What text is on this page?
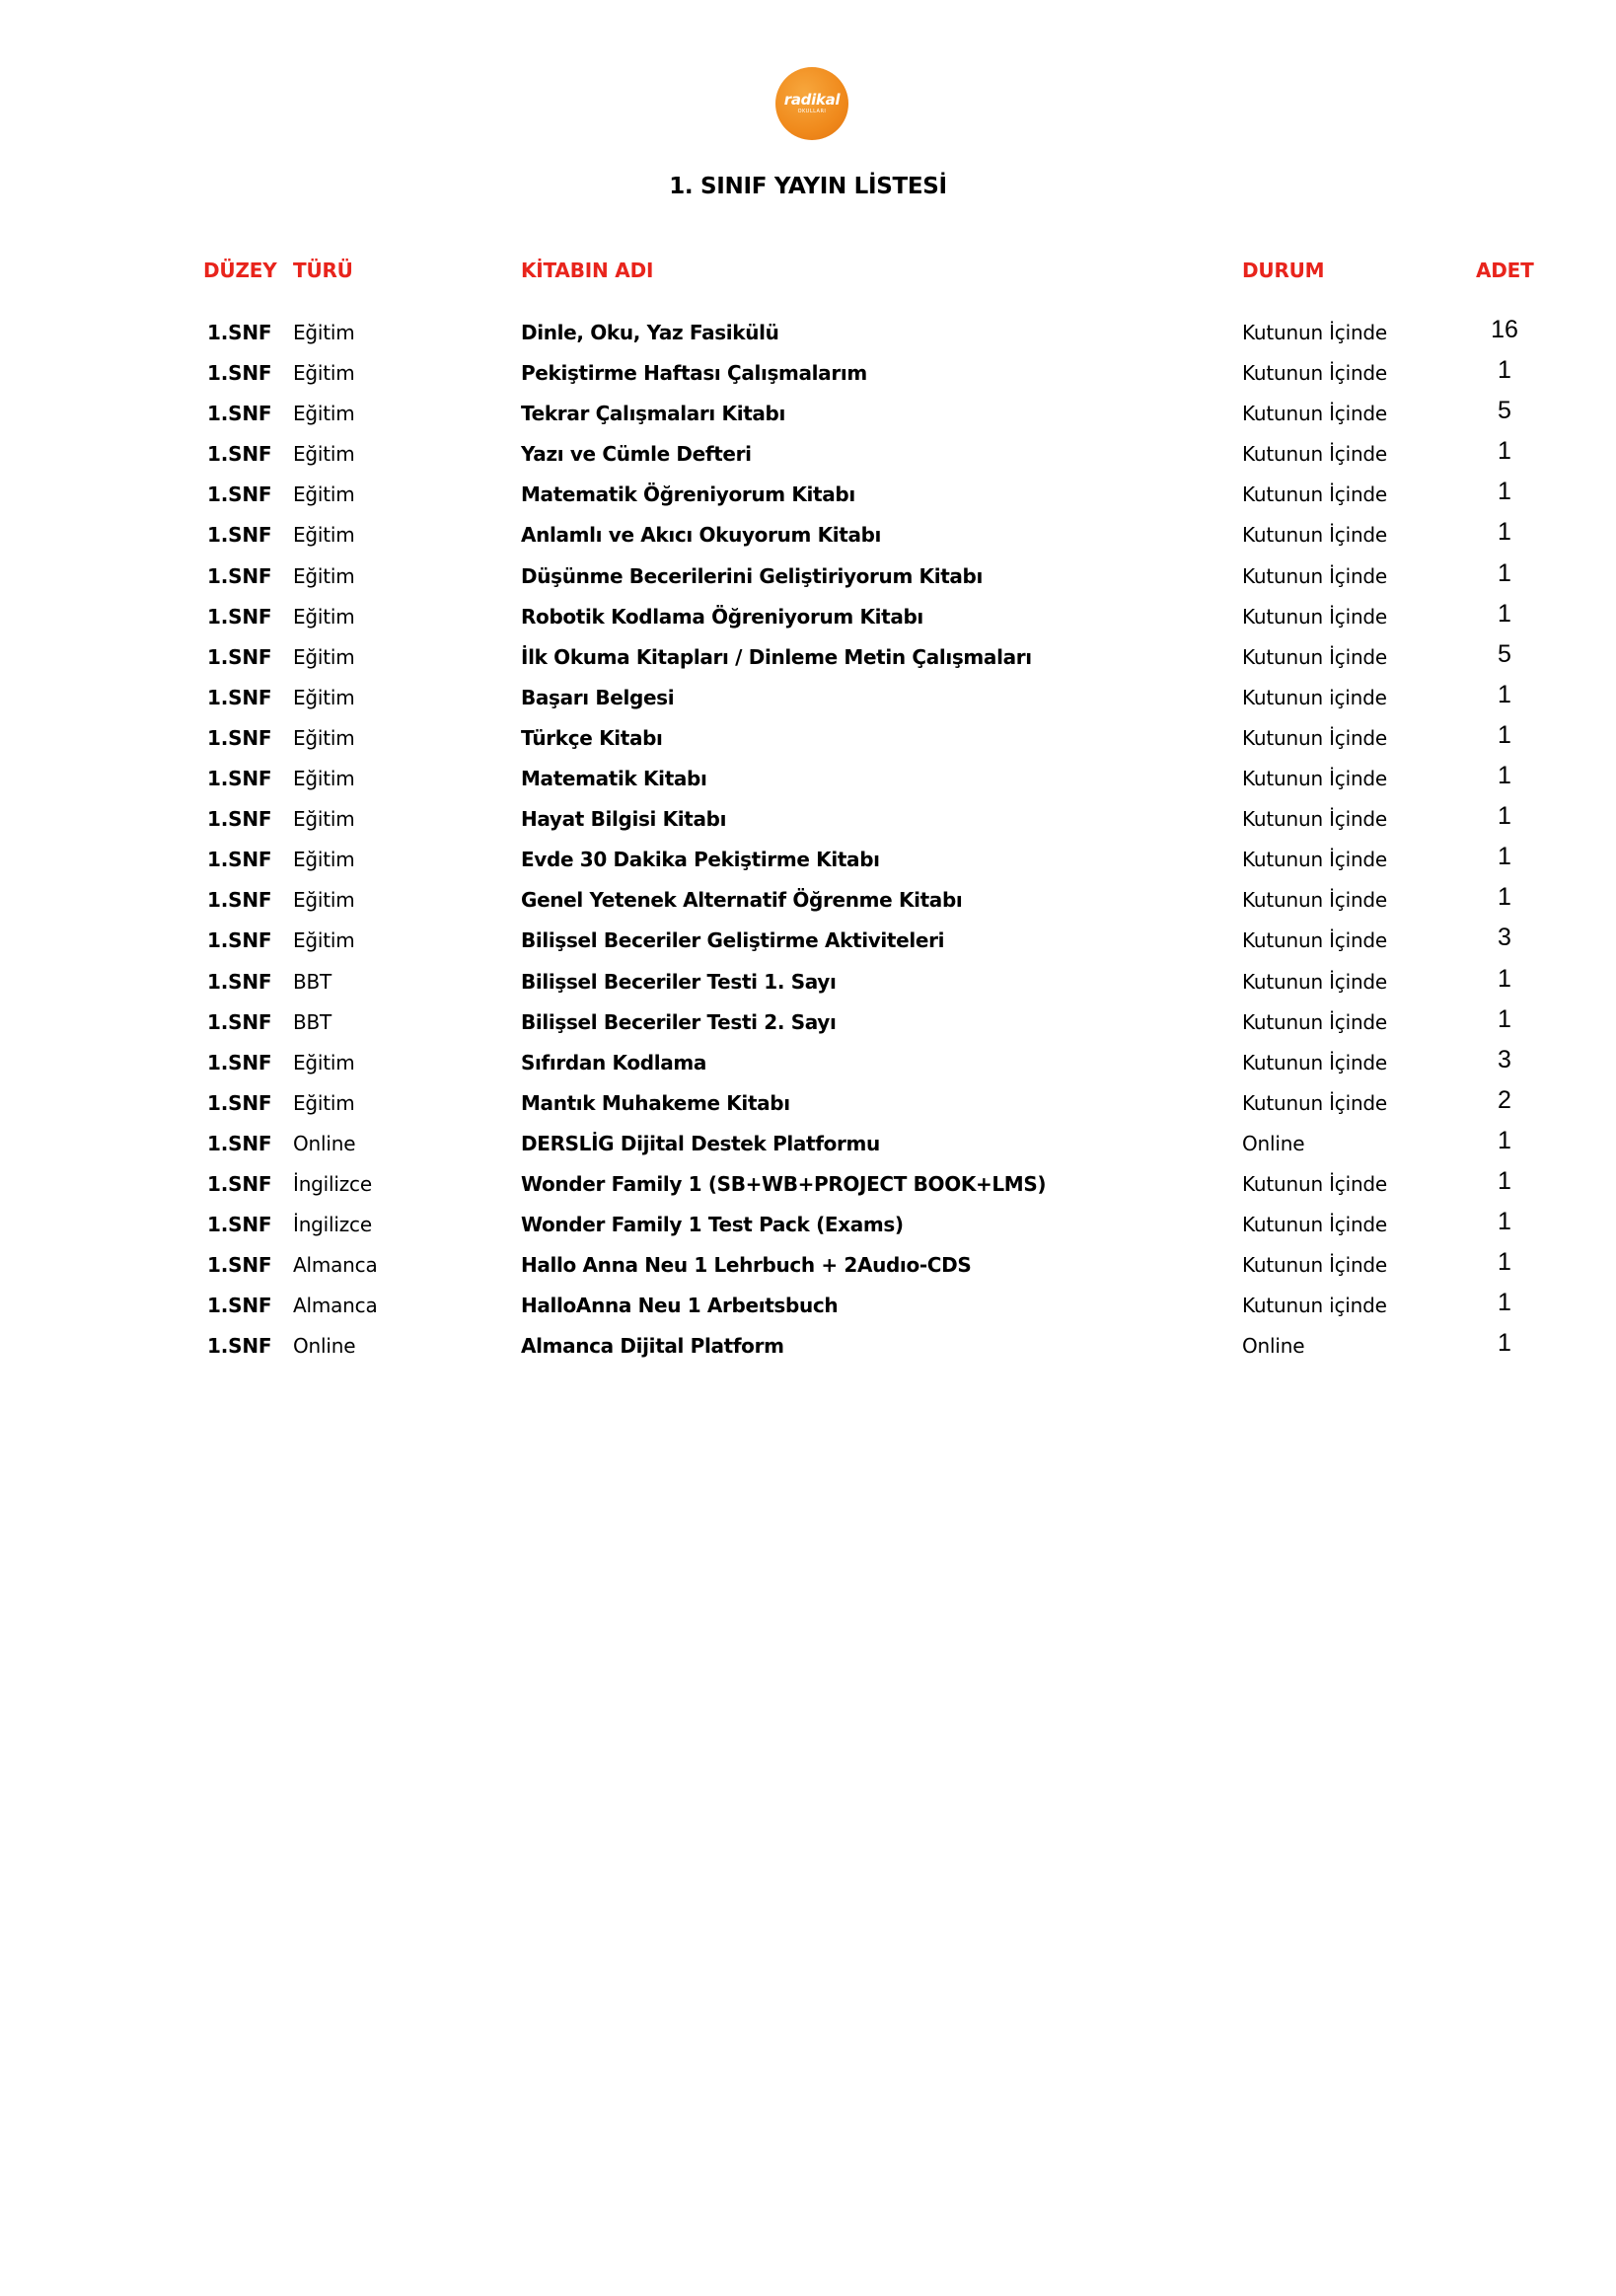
radikal
OKULLARI
1. SINIF YAYIN LİSTESİ
DÜZEY TÜRÜ	KİTABIN ADI	DURUM	ADET
1.SNF Eğitim	Dinle, Oku, Yaz Fasikülü	Kutunun İçinde	16
1.SNF Eğitim	Pekiştirme Haftası Çalışmalarım	Kutunun İçinde	1
1.SNF Eğitim	Tekrar Çalışmaları Kitabı	Kutunun İçinde	5
1.SNF Eğitim	Yazı ve Cümle Defteri	Kutunun İçinde	1
1.SNF Eğitim	Matematik Öğreniyorum Kitabı	Kutunun İçinde	1
1.SNF Eğitim	Anlamlı ve Akıcı Okuyorum Kitabı	Kutunun İçinde	1
1.SNF Eğitim	Düşünme Becerilerini Geliştiriyorum Kitabı	Kutunun İçinde	1
1.SNF Eğitim	Robotik Kodlama Öğreniyorum Kitabı	Kutunun İçinde	1
1.SNF Eğitim	İlk Okuma Kitapları / Dinleme Metin Çalışmaları	Kutunun İçinde	5
1.SNF Eğitim	Başarı Belgesi	Kutunun içinde	1
1.SNF Eğitim	Türkçe Kitabı	Kutunun İçinde	1
1.SNF Eğitim	Matematik Kitabı	Kutunun İçinde	1
1.SNF Eğitim	Hayat Bilgisi Kitabı	Kutunun İçinde	1
1.SNF Eğitim	Evde 30 Dakika Pekiştirme Kitabı	Kutunun İçinde	1
1.SNF Eğitim	Genel Yetenek Alternatif Öğrenme Kitabı	Kutunun İçinde	1
1.SNF Eğitim	Bilişsel Beceriler Geliştirme Aktiviteleri	Kutunun İçinde	3
1.SNF BBT	Bilişsel Beceriler Testi 1. Sayı	Kutunun İçinde	1
1.SNF BBT	Bilişsel Beceriler Testi 2. Sayı	Kutunun İçinde	1
1.SNF Eğitim	Sıfırdan Kodlama	Kutunun İçinde	3
1.SNF Eğitim	Mantık Muhakeme Kitabı	Kutunun İçinde	2
1.SNF Online	DERSLİG Dijital Destek Platformu	Online	1
1.SNF İngilizce	Wonder Family 1 (SB+WB+PROJECT BOOK+LMS)	Kutunun İçinde	1
1.SNF İngilizce	Wonder Family 1 Test Pack (Exams)	Kutunun İçinde	1
1.SNF Almanca	Hallo Anna Neu 1 Lehrbuch + 2Audıo-CDS	Kutunun İçinde	1
1.SNF Almanca	HalloAnna Neu 1 Arbeıtsbuch	Kutunun içinde	1
1.SNF Online	Almanca Dijital Platform	Online	1
